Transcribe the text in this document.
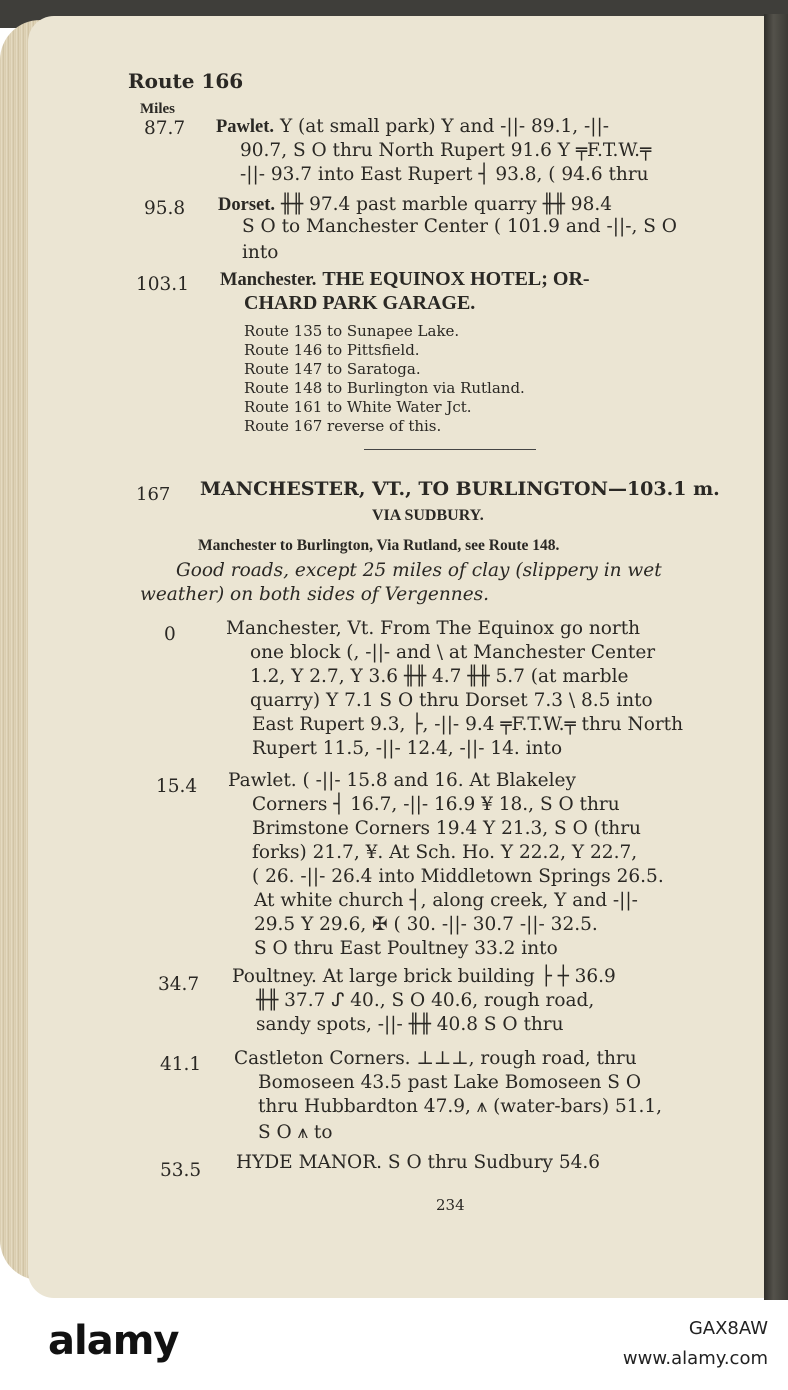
Route 166
Miles
87.7 Pawlet. Y (at small park) Y and -||- 89.1, -||-
90.7, S O thru North Rupert 91.6 Y ╤F.T.W.╤
-||- 93.7 into East Rupert ┤ 93.8, ( 94.6 thru
95.8 Dorset. ╫╫ 97.4 past marble quarry ╫╫ 98.4
S O to Manchester Center ( 101.9 and -||-, S O
into
103.1 Manchester. THE EQUINOX HOTEL; OR-
CHARD PARK GARAGE.
Route 135 to Sunapee Lake.
Route 146 to Pittsfield.
Route 147 to Saratoga.
Route 148 to Burlington via Rutland.
Route 161 to White Water Jct.
Route 167 reverse of this.
167 MANCHESTER, VT., TO BURLINGTON—103.1 m.
VIA SUDBURY.
Manchester to Burlington, Via Rutland, see Route 148.
Good roads, except 25 miles of clay (slippery in wet
weather) on both sides of Vergennes.
0	Manchester, Vt. From The Equinox go north
one block (, -||- and \ at Manchester Center
1.2, Y 2.7, Y 3.6 ╫╫ 4.7 ╫╫ 5.7 (at marble
quarry) Y 7.1 S O thru Dorset 7.3 \ 8.5 into
East Rupert 9.3, ├, -||- 9.4 ╤F.T.W.╤ thru North
Rupert 11.5, -||- 12.4, -||- 14. into
15.4 Pawlet. ( -||- 15.8 and 16. At Blakeley
Corners ┤ 16.7, -||- 16.9 ¥ 18., S O thru
Brimstone Corners 19.4 Y 21.3, S O (thru
forks) 21.7, ¥. At Sch. Ho. Y 22.2, Y 22.7,
( 26. -||- 26.4 into Middletown Springs 26.5.
At white church ┤, along creek, Y and -||-
29.5 Y 29.6, ✠ ( 30. -||- 30.7 -||- 32.5.
S O thru East Poultney 33.2 into
34.7 Poultney. At large brick building ├ ┼ 36.9
╫╫ 37.7 ᔑ 40., S O 40.6, rough road,
sandy spots, -||- ╫╫ 40.8 S O thru
41.1 Castleton Corners. ⊥⊥⊥, rough road, thru
Bomoseen 43.5 past Lake Bomoseen S O
thru Hubbardton 47.9, ⩚ (water-bars) 51.1,
S O ⩚ to
53.5 HYDE MANOR. S O thru Sudbury 54.6
234
alamy	GAX8AW
www.alamy.com
